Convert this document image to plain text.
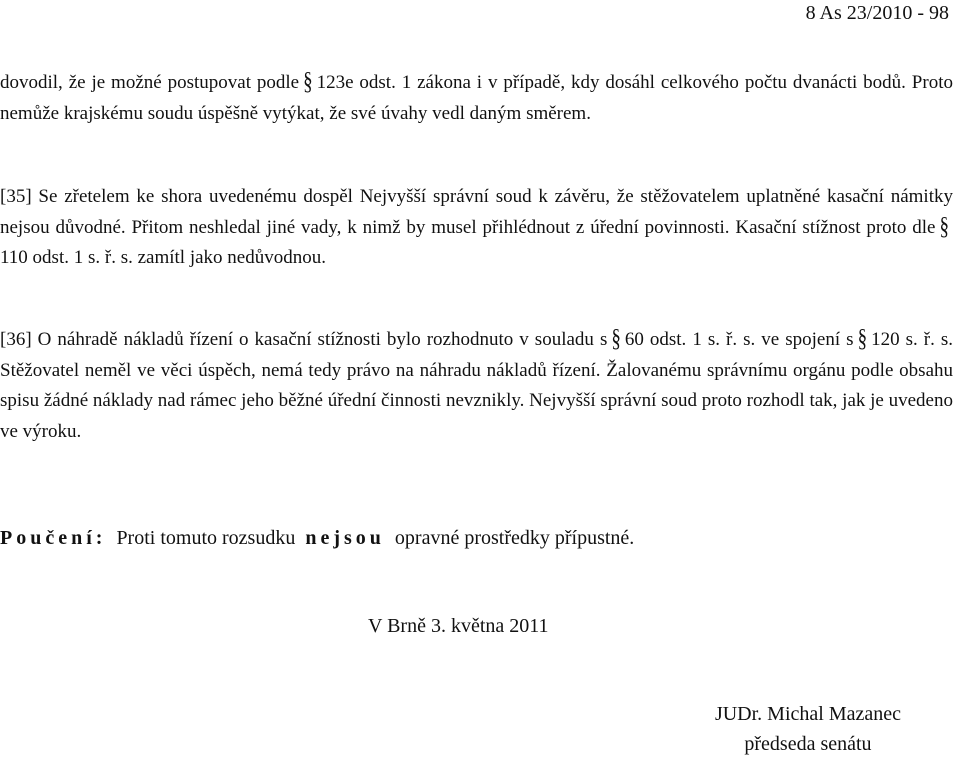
8 As 23/2010 - 98
dovodil, že je možné postupovat podle § 123e odst. 1 zákona i v případě, kdy dosáhl celkového počtu dvanácti bodů. Proto nemůže krajskému soudu úspěšně vytýkat, že své úvahy vedl daným směrem.
[35] Se zřetelem ke shora uvedenému dospěl Nejvyšší správní soud k závěru, že stěžovatelem uplatněné kasační námitky nejsou důvodné. Přitom neshledal jiné vady, k nimž by musel přihlédnout z úřední povinnosti. Kasační stížnost proto dle §110 odst. 1 s. ř. s. zamítl jako nedůvodnou.
[36] O náhradě nákladů řízení o kasační stížnosti bylo rozhodnuto v souladu s § 60 odst. 1 s. ř. s. ve spojení s § 120 s. ř. s. Stěžovatel neměl ve věci úspěch, nemá tedy právo na náhradu nákladů řízení. Žalovanému správnímu orgánu podle obsahu spisu žádné náklady nad rámec jeho běžné úřední činnosti nevznikly. Nejvyšší správní soud proto rozhodl tak, jak je uvedeno ve výroku.
Poučení: Proti tomuto rozsudku nejsou opravné prostředky přípustné.
V Brně 3. května 2011
JUDr. Michal Mazanec
předseda senátu
